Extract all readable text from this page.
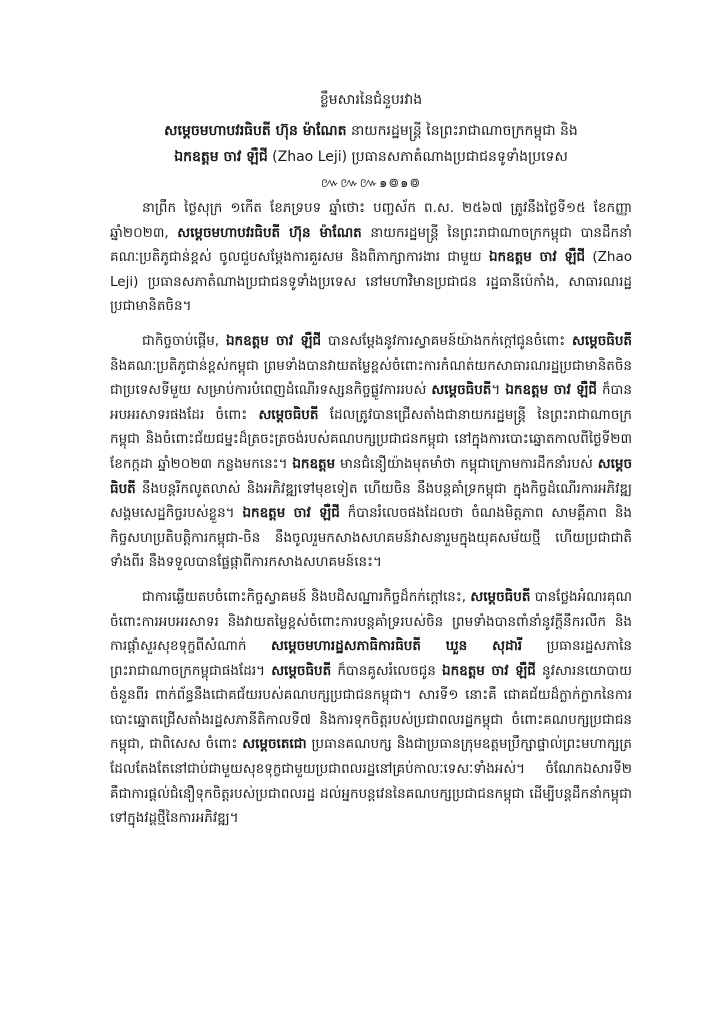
ខ្លឹមសារនៃជំនួបរវាង

សម្តេចមហាបវរធិបតី ហ៊ុន ម៉ាណែត នាយករដ្ឋមន្ត្រី នៃព្រះរាជាណាចក្រកម្ពុជា និង

ឯកឧត្តម ចាវ ឡឺជី (Zhao Leji) ប្រធានសភាតំណាងប្រជាជនទូទាំងប្រទេស

៚៚៚๑៙๑៙

នាព្រឹក ថ្ងៃសុក្រ ១កើត ខែភទ្របទ ឆ្នាំថោះ បញ្ចស័ក ព.ស. ២៥៦៧ ត្រូវនឹងថ្ងៃទី១៥ ខែកញ្ញា ឆ្នាំ២០២៣, សម្តេចមហាបវរធិបតី ហ៊ុន ម៉ាណែត នាយករដ្ឋមន្ត្រី នៃព្រះរាជាណាចក្រកម្ពុជា បានដឹកនាំគណៈប្រតិភូជាន់ខ្ពស់ ចូលជួបសម្តែងការគួរសម និងពិភាក្សាការងារ ជាមួយ ឯកឧត្តម ចាវ ឡឺជី (Zhao Leji) ប្រធានសភាតំណាងប្រជាជនទូទាំងប្រទេស នៅមហាវិមានប្រជាជន រដ្ឋធានីប៉េកាំង, សាធារណរដ្ឋប្រជាមានិតចិន។

ជាកិច្ចចាប់ផ្តើម, ឯកឧត្តម ចាវ ឡឺជី បានសម្តែងនូវការស្វាគមន៍យ៉ាងកក់ក្តៅជូនចំពោះ សម្តេចធិបតី និងគណៈប្រតិភូជាន់ខ្ពស់កម្ពុជា ព្រមទាំងបានវាយតម្លៃខ្ពស់ចំពោះការកំណត់យកសាធារណរដ្ឋប្រជាមានិតចិន ជាប្រទេសទីមួយ សម្រាប់ការបំពេញដំណើរទស្សនកិច្ចផ្លូវការរបស់ សម្តេចធិបតី។ ឯកឧត្តម ចាវ ឡឺជី ក៏បានអបអរសាទរផងដែរ ចំពោះ សម្តេចធិបតី ដែលត្រូវបានជ្រើសតាំងជានាយករដ្ឋមន្ត្រី នៃព្រះរាជាណាចក្រកម្ពុជា និងចំពោះជ័យជម្នះដ៏ត្រចះត្រចង់របស់គណបក្សប្រជាជនកម្ពុជា នៅក្នុងការបោះឆ្នោតកាលពីថ្ងៃទី២៣ ខែកក្កដា ឆ្នាំ២០២៣ កន្លងមកនេះ។ ឯកឧត្តម មានជំនឿយ៉ាងមុតមាំថា កម្ពុជាក្រោមការដឹកនាំរបស់ សម្តេចធិបតី នឹងបន្តរីកលូតលាស់ និងអភិវឌ្ឍទៅមុខទៀត ហើយចិន នឹងបន្តគាំទ្រកម្ពុជា ក្នុងកិច្ចដំណើរការអភិវឌ្ឍសង្គមសេដ្ឋកិច្ចរបស់ខ្លួន។ ឯកឧត្តម ចាវ ឡឺជី ក៏បានរំលេចផងដែលថា ចំណងមិត្តភាព សាមគ្គីភាព និងកិច្ចសហប្រតិបត្តិការកម្ពុជា-ចិន នឹងចូលរួមកសាងសហគមន៍វាសនារួមក្នុងយុគសម័យថ្មី ហើយប្រជាជាតិទាំងពីរ នឹងទទួលបានផ្លែផ្កាពីការកសាងសហគមន៍នេះ។

ជាការឆ្លើយតបចំពោះកិច្ចស្វាគមន៍ និងបដិសណ្ឋារកិច្ចដ៏កក់ក្តៅនេះ, សម្តេចធិបតី បានថ្លែងអំណរគុណចំពោះការអបអរសាទរ និងវាយតម្លៃខ្ពស់ចំពោះការបន្តគាំទ្ររបស់ចិន ព្រមទាំងបានពាំនាំនូវក្តីនឹករលឹក និងការផ្តាំសួរសុខទុក្ខពីសំណាក់ សម្តេចមហារដ្ឋសភាធិការធិបតី ឃួន សុដារី ប្រធានរដ្ឋសភានៃព្រះរាជាណាចក្រកម្ពុជាផងដែរ។ សម្តេចធិបតី ក៏បានគូសរំលេចជូន ឯកឧត្តម ចាវ ឡឺជី នូវសារនយោបាយចំនួនពីរ ពាក់ព័ន្ធនឹងជោគជ័យរបស់គណបក្សប្រជាជនកម្ពុជា។ សារទី១ នោះគឺ ជោគជ័យដ៏ក្លាក់ក្លាកនៃការបោះឆ្នោតជ្រើសតាំងរដ្ឋសភានីតិកាលទី៧ និងការទុកចិត្តរបស់ប្រជាពលរដ្ឋកម្ពុជា ចំពោះគណបក្សប្រជាជនកម្ពុជា, ជាពិសេស ចំពោះ សម្តេចតេជោ ប្រធានគណបក្ស និងជាប្រធានក្រុមឧត្តមប្រឹក្សាផ្ទាល់ព្រះមហាក្សត្រ ដែលតែងតែនៅជាប់ជាមួយសុខទុក្ខជាមួយប្រជាពលរដ្ឋនៅគ្រប់កាលៈទេសៈទាំងអស់។ ចំណែកឯសារទី២ គឺជាការផ្តល់ជំនឿទុកចិត្តរបស់ប្រជាពលរដ្ឋ ដល់អ្នកបន្តវេននៃគណបក្សប្រជាជនកម្ពុជា ដើម្បីបន្តដឹកនាំកម្ពុជាទៅក្នុងវដ្តថ្មីនៃការអភិវឌ្ឍ។
